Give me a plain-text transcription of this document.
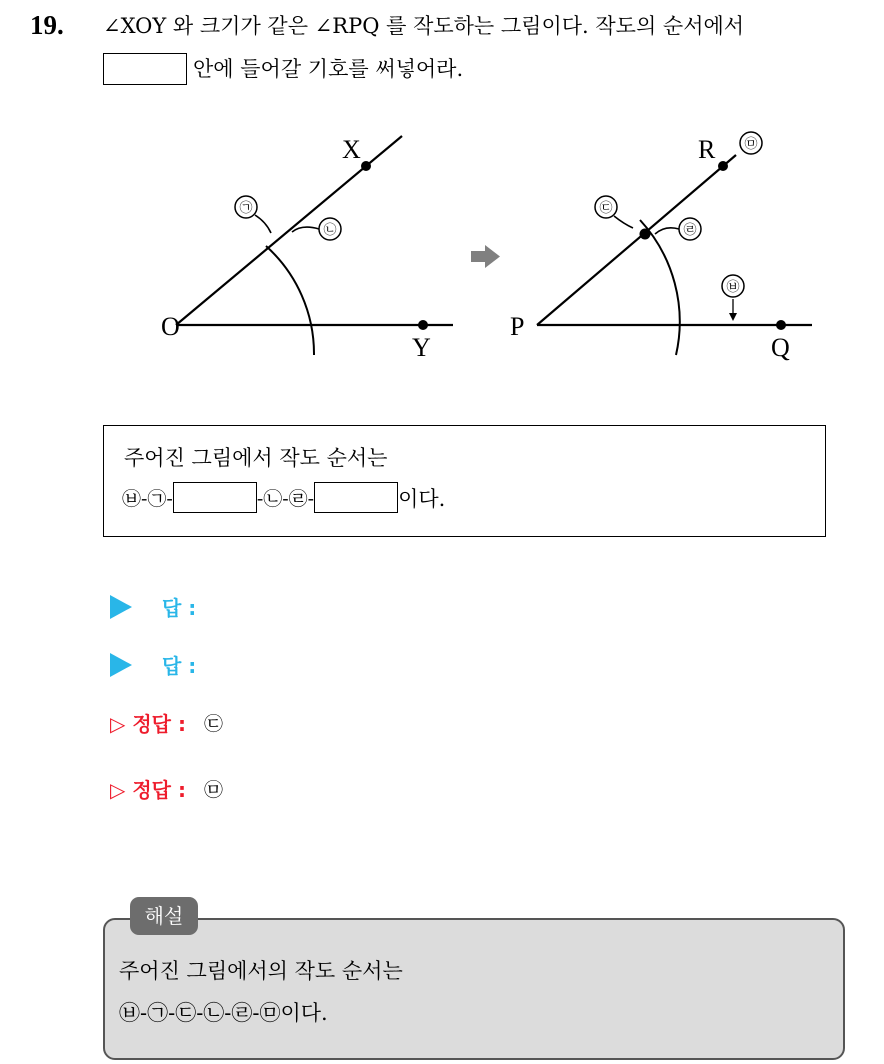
19. ∠XOY 와 크기가 같은 ∠RPQ 를 작도하는 그림이다. 작도의 순서에서
안에 들어갈 기호를 써넣어라.
O
X
Y
㉠
㉡
P
R
Q
㉤
㉢
㉣
㉥
주어진 그림에서 작도 순서는
㉥-㉠-	-㉡-㉣-	이다.
답 :
답 :
▷ 정답 : ㉢
▷ 정답 : ㉤
주어진 그림에서의 작도 순서는
㉥-㉠-㉢-㉡-㉣-㉤이다.
해설
